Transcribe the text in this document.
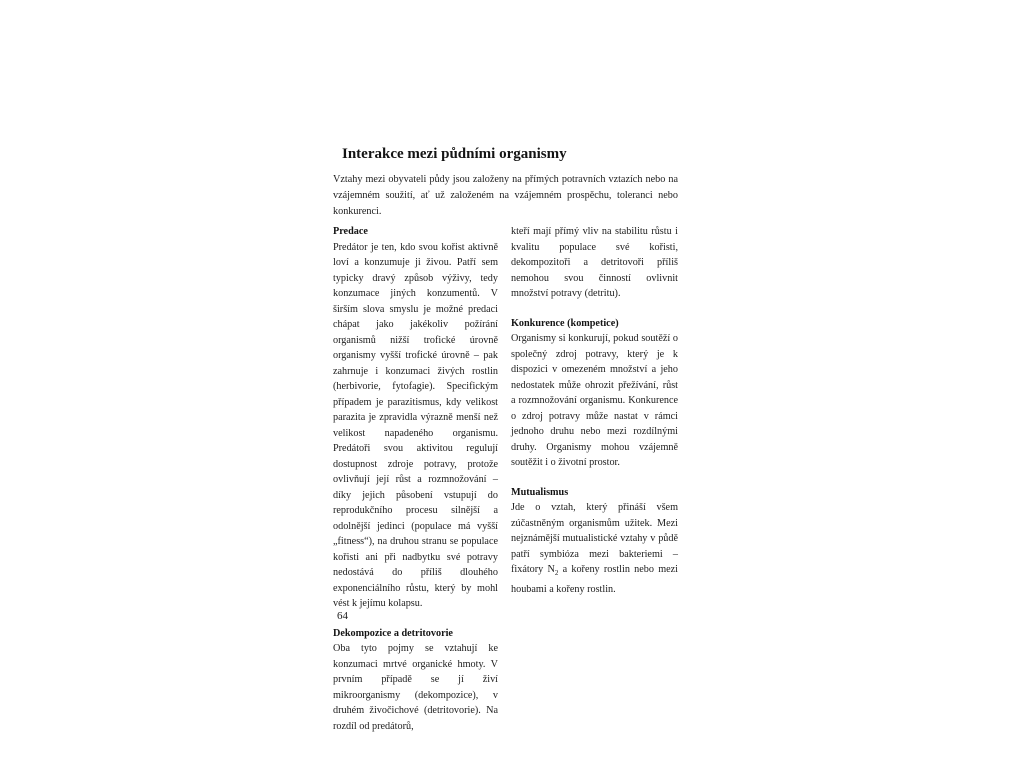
Interakce mezi půdními organismy

Vztahy mezi obyvateli půdy jsou založeny na přímých potravních vztazích nebo na vzájemném soužití, ať už založeném na vzájemném prospěchu, toleranci nebo konkurenci.

Predace

Predátor je ten, kdo svou kořist aktivně loví a konzumuje ji živou. Patří sem typicky dravý způsob výživy, tedy konzumace jiných konzumentů. V širším slova smyslu je možné predaci chápat jako jakékoliv požírání organismů nižší trofické úrovně organismy vyšší trofické úrovně – pak zahrnuje i konzumaci živých rostlin (herbivorie, fytofagie). Specifickým případem je parazitismus, kdy velikost parazita je zpravidla výrazně menší než velikost napadeného organismu. Predátoři svou aktivitou regulují dostupnost zdroje potravy, protože ovlivňují její růst a rozmnožování – díky jejich působení vstupují do reprodukčního procesu silnější a odolnější jedinci (populace má vyšší „fitness“), na druhou stranu se populace kořisti ani při nadbytku své potravy nedostává do příliš dlouhého exponenciálního růstu, který by mohl vést k jejímu kolapsu.

Dekompozice a detritovorie

Oba tyto pojmy se vztahují ke konzumaci mrtvé organické hmoty. V prvním případě se jí živí mikroorganismy (dekompozice), v druhém živočichové (detritovorie). Na rozdíl od predátorů,

kteří mají přímý vliv na stabilitu růstu i kvalitu populace své kořisti, dekompozitoři a detritovoři příliš nemohou svou činností ovlivnit množství potravy (detritu).

Konkurence (kompetice)

Organismy si konkurují, pokud soutěží o společný zdroj potravy, který je k dispozici v omezeném množství a jeho nedostatek může ohrozit přežívání, růst a rozmnožování organismu. Konkurence o zdroj potravy může nastat v rámci jednoho druhu nebo mezi rozdílnými druhy. Organismy mohou vzájemně soutěžit i o životní prostor.

Mutualismus

Jde o vztah, který přináší všem zúčastněným organismům užitek. Mezi nejznámější mutualistické vztahy v půdě patří symbióza mezi bakteriemi – fixátory $N_2$ a kořeny rostlin nebo mezi houbami a kořeny rostlin.

64
